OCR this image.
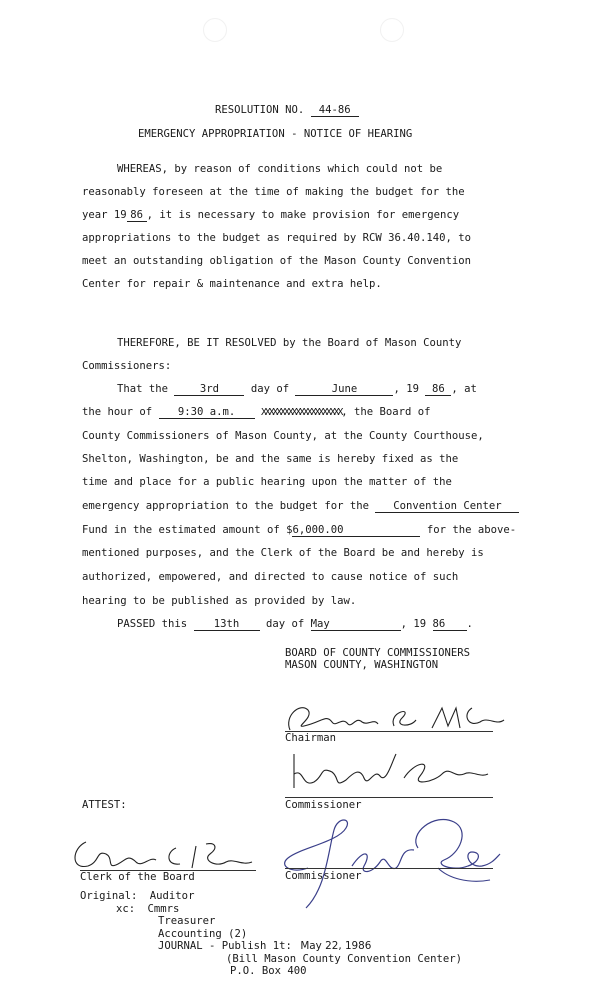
RESOLUTION NO. 44-86
EMERGENCY APPROPRIATION - NOTICE OF HEARING
WHEREAS, by reason of conditions which could not be
reasonably foreseen at the time of making the budget for the
year 19 86 , it is necessary to make provision for emergency
appropriations to the budget as required by RCW 36.40.140, to
meet an outstanding obligation of the Mason County Convention
Center for repair & maintenance and extra help.
THEREFORE, BE IT RESOLVED by the Board of Mason County
Commissioners:
That the	3rd	day of	June	, 19 86 , at
the hour of 9:30 a.m.	XXXXXXXXXXXXXXXXXXXXX, the Board of
County Commissioners of Mason County, at the County Courthouse,
Shelton, Washington, be and the same is hereby fixed as the
time and place for a public hearing upon the matter of the
emergency appropriation to the budget for the Convention Center
Fund in the estimated amount of $6,000.00	for the above-
mentioned purposes, and the Clerk of the Board be and hereby is
authorized, empowered, and directed to cause notice of such
hearing to be published as provided by law.
PASSED this	13th	day of May	, 19 86 .
BOARD OF COUNTY COMMISSIONERS
MASON COUNTY, WASHINGTON
Chairman
Commissioner
ATTEST:
Clerk of the Board	Commissioner
Original: Auditor
xc: Cmmrs
Treasurer
Accounting (2)
JOURNAL - Publish 1t: May 22, 1986
(Bill Mason County Convention Center)
P.O. Box 400
